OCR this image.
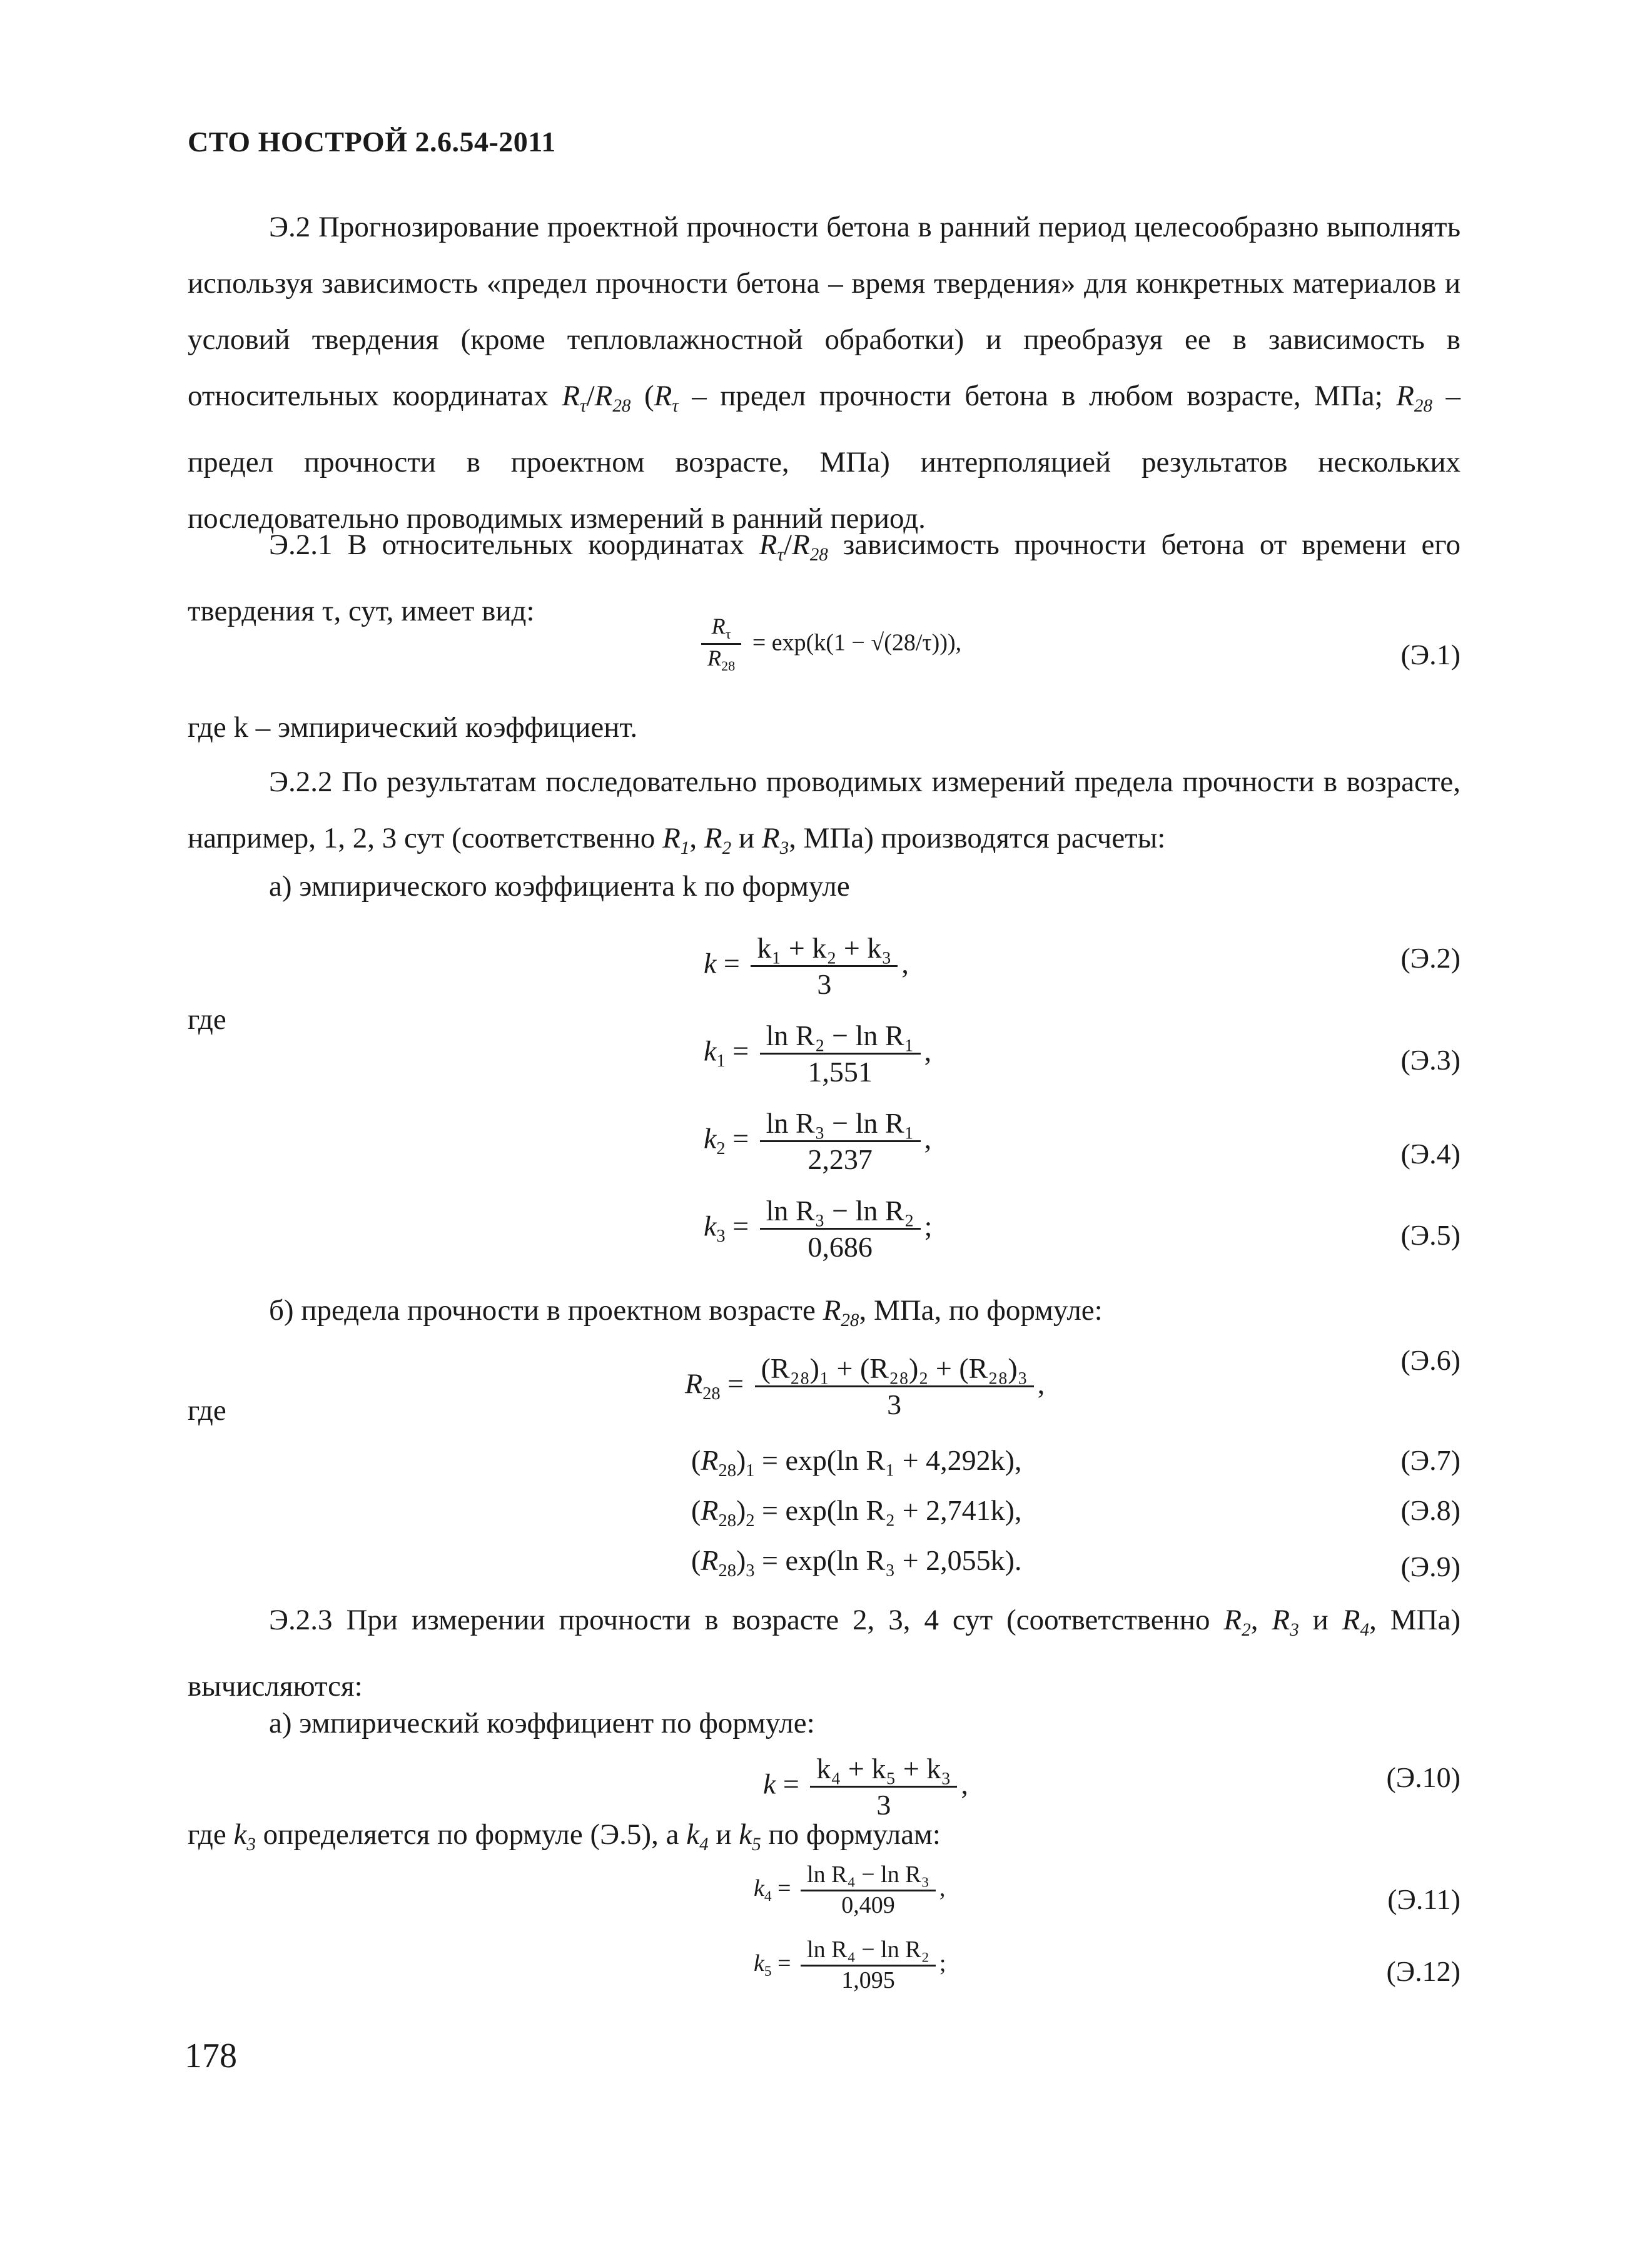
СТО НОСТРОЙ 2.6.54-2011

Э.2 Прогнозирование проектной прочности бетона в ранний период целесообразно выполнять используя зависимость «предел прочности бетона – время твердения» для конкретных материалов и условий твердения (кроме тепловлажностной обработки) и преобразуя ее в зависимость в относительных координатах $R_\tau/R_{28}$ ($R_\tau$ – предел прочности бетона в любом возрасте, МПа; $R_{28}$ – предел прочности в проектном возрасте, МПа) интерполяцией результатов нескольких последовательно проводимых измерений в ранний период.

Э.2.1 В относительных координатах $R_\tau/R_{28}$ зависимость прочности бетона от времени его твердения τ, сут, имеет вид:

$\frac{R_\tau}{R_{28}} = \exp(k(1 - √(28/\tau)))$,	(Э.1)
где k – эмпирический коэффициент.

Э.2.2 По результатам последовательно проводимых измерений предела прочности в возрасте, например, 1, 2, 3 сут (соответственно $R_1$, $R_2$ и $R_3$, МПа) производятся расчеты:

а) эмпирического коэффициента k по формуле
$k = \frac{\text{k₁ + k₂ + k₃}}{3}$ ,	(Э.2)
где
$k_1 = \frac{\text{ln R₂ − ln R₁}}{1,551}$ ,	(Э.3)
$k_2 = \frac{\text{ln R₃ − ln R₁}}{2,237}$ ,	(Э.4)
$k_3 = \frac{\text{ln R₃ − ln R₂}}{0,686}$ ;	(Э.5)
б) предела прочности в проектном возрасте $R_{28}$, МПа, по формуле:
$R_{28} = \frac{\text{(R₂₈)₁ + (R₂₈)₂ + (R₂₈)₃}}{3}$ ,
(Э.6)
где
$(R_{28})_1 = \exp(\ln$ R₁ + 4,292k),	(Э.7)
$(R_{28})_2 = \exp(\ln$ R₂ + 2,741k),	(Э.8)
$(R_{28})_3 = \exp(\ln$ R₃ + 2,055k).	(Э.9)

Э.2.3 При измерении прочности в возрасте 2, 3, 4 сут (соответственно $R_2$, $R_3$ и $R_4$, МПа) вычисляются:

а) эмпирический коэффициент по формуле:
$k = \frac{\text{k₄ + k₅ + k₃}}{3}$ ,	(Э.10)
где $k_3$ определяется по формуле (Э.5), а $k_4$ и $k_5$ по формулам:
$k_4 = \frac{\text{ln R₄ − ln R₃}}{0,409}$ ,	(Э.11)
$k_5 = \frac{\text{ln R₄ − ln R₂}}{1,095}$ ;	(Э.12)
178
